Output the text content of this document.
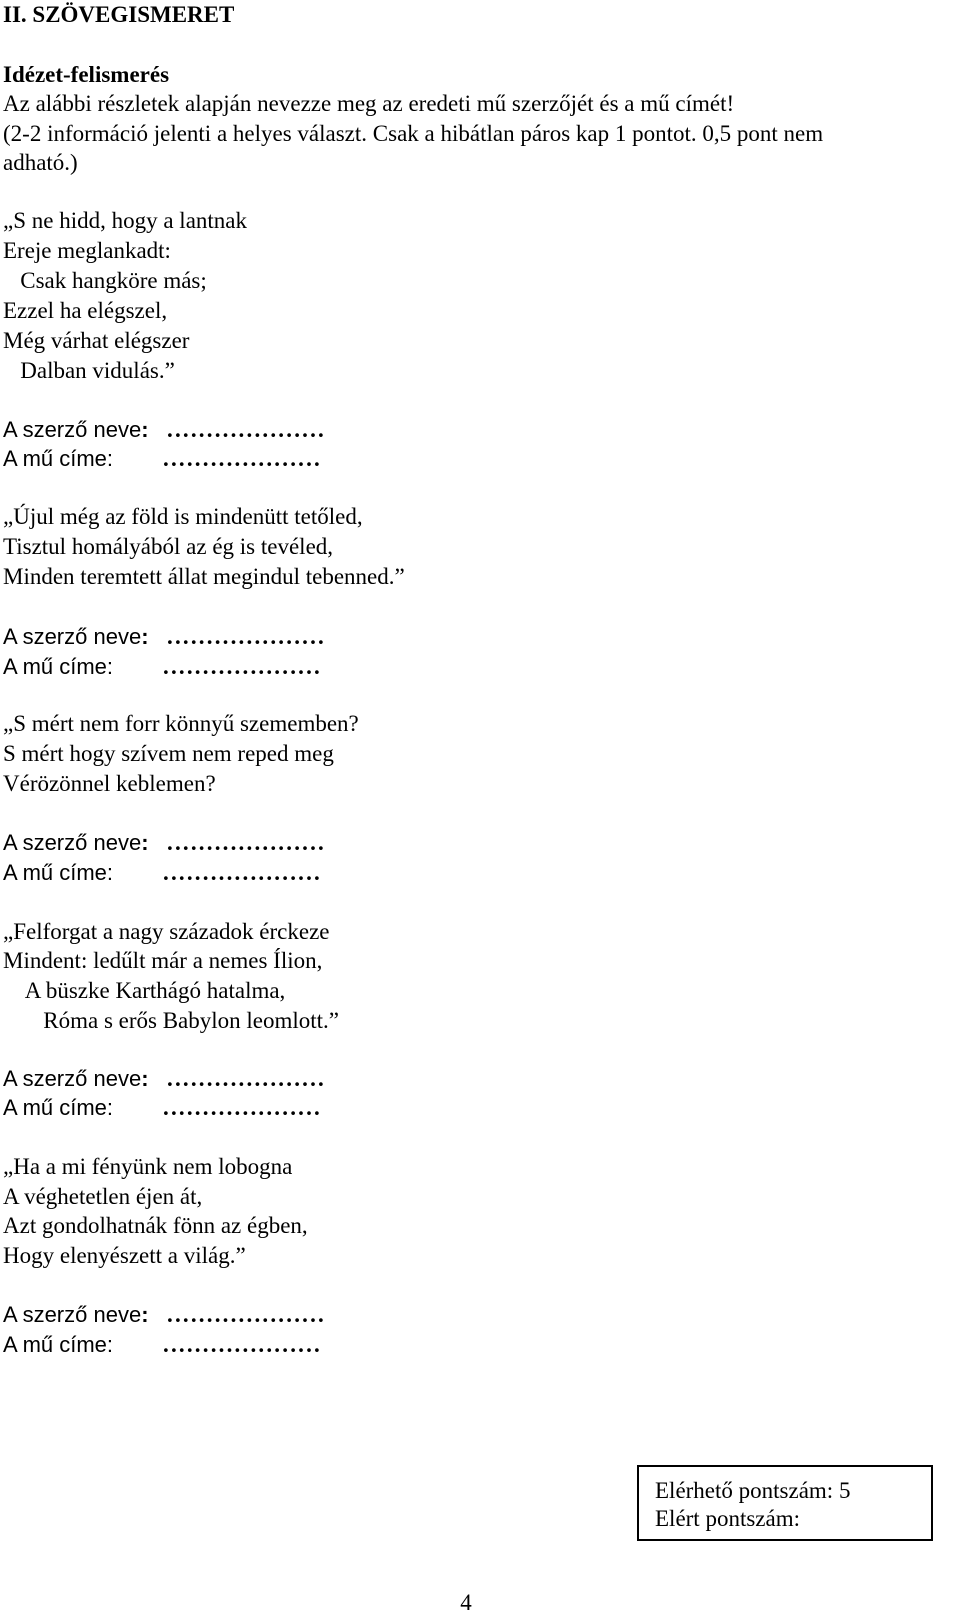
II. SZÖVEGISMERET
Idézet-felismerés
Az alábbi részletek alapján nevezze meg az eredeti mű szerzőjét és a mű címét!
(2-2 információ jelenti a helyes választ. Csak a hibátlan páros kap 1 pontot. 0,5 pont nem
adható.)
„S ne hidd, hogy a lantnak
Ereje meglankadt:
Csak hangköre más;
Ezzel ha elégszel,
Még várhat elégszer
Dalban vidulás.”
A szerző neve: ....................
A mű címe: ....................
„Újul még az föld is mindenütt tetőled,
Tisztul homályából az ég is tevéled,
Minden teremtett állat megindul tebenned.”
A szerző neve: ....................
A mű címe: ....................
„S mért nem forr könnyű szememben?
S mért hogy szívem nem reped meg
Vérözönnel keblemen?
A szerző neve: ....................
A mű címe: ....................
„Felforgat a nagy századok érckeze
Mindent: ledűlt már a nemes Ílion,
A büszke Karthágó hatalma,
Róma s erős Babylon leomlott.”
A szerző neve: ....................
A mű címe: ....................
„Ha a mi fényünk nem lobogna
A véghetetlen éjen át,
Azt gondolhatnák fönn az égben,
Hogy elenyészett a világ.”
A szerző neve: ....................
A mű címe: ....................
Elérhető pontszám: 5
Elért pontszám:
4
